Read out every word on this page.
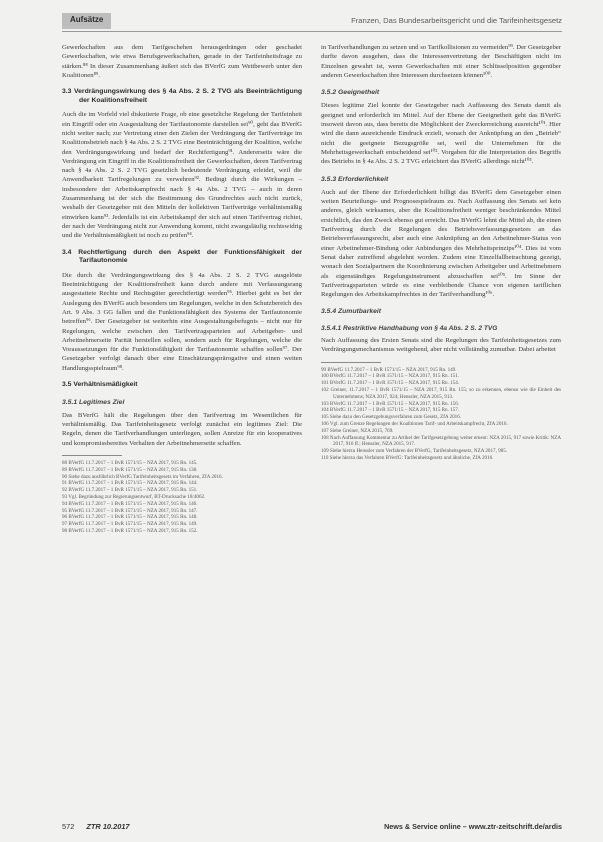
Aufsätze	Franzen, Das Bundesarbeitsgericht und die Tarifeinheitsgesetz

Gewerkschaften aus dem Tarifgeschehen herausgedrängen oder geschadet Gewerkschaften, wie etwa Berufsgewerkschaften, gerade in der Tarifeinheitsfrage zu stärken.⁸⁸ In dieser Zusammenhang äußert sich das BVerfG zum Wettbewerb unter den Koalitionen⁸⁹.

3.3 Verdrängungswirkung des § 4a Abs. 2 S. 2 TVG als Beeinträchtigung der Koalitionsfreiheit

Auch die im Vorfeld viel diskutierte Frage, ob eine gesetzliche Regelung der Tarifeinheit ein Eingriff oder ein Ausgestaltung der Tarifautonomie darstellen sei⁹⁰, geht das BVerfG nicht weiter nach; zur Vertretung einer den Zielen der Verdrängung der Tarifverträge im Koalitionsbetrieb nach § 4a Abs. 2 S. 2 TVG eine Beeinträchtigung der Koalition, welche den Verdrängungswirkung und bedarf der Rechtfertigung⁹¹. Andererseits wäre die Verdrängung ein Eingriff in die Koalitionsfreiheit der Gewerkschaften, deren Tarifvertrag nach § 4a Abs. 2 S. 2 TVG gesetzlich bedeutende Verdrängung erleidet, weil die Anwendbarkeit Tarifregelungen zu verwehren⁹². Bedingt durch die Wirkungen – insbesondere der Arbeitskampfrecht nach § 4a Abs. 2 TVG – auch in deren Zusammenhang ist der sich die Bestimmung des Grundrechtes auch nicht zurück, weshalb der Gesetzgeber mit den Mitteln der kollektiven Tarifverträge verhältnismäßig einwirken kann⁹³. Jedenfalls ist ein Arbeitskampf der sich auf einen Tarifvertrag richtet, der nach der Verdrängung nicht zur Anwendung kommt, nicht zwangsläufig rechtswidrig und die Verhältnismäßigkeit ist noch zu prüfen⁹⁴.

3.4 Rechtfertigung durch den Aspekt der Funktionsfähigkeit der Tarifautonomie

Die durch die Verdrängungswirkung des § 4a Abs. 2 S. 2 TVG ausgelöste Beeinträchtigung der Koalitionsfreiheit kann durch andere mit Verfassungsrang ausgestattete Rechte und Rechtsgüter gerechtfertigt werden⁹⁵. Hierbei geht es bei der Auslegung des BVerfG auch besonders um Regelungen, welche in den Schutzbereich des Art. 9 Abs. 3 GG fallen und die Funktionsfähigkeit des Systems der Tarifautonomie betreffen⁹⁶. Der Gesetzgeber ist weiterhin eine Ausgestaltungsbefugnis – nicht nur für Regelungen, welche zwischen den Tarifvertragsparteien auf Arbeitgeber- und Arbeitnehmerseite Parität herstellen sollen, sondern auch für Regelungen, welche die Voraussetzungen für die Funktionsfähigkeit der Tarifautonomie schaffen sollen⁹⁷. Der Gesetzgeber verfolgt danach über eine Einschätzungsprärogative und einen weiten Handlungsspielraum⁹⁸.

3.5 Verhältnismäßigkeit
3.5.1 Legitimes Ziel

Das BVerfG hält die Regelungen über den Tarifvertrag im Wesentlichen für verhältnismäßig. Das Tarifeinheitsgesetz verfolgt zunächst ein legitimes Ziel: Die Regeln, denen die Tarifverhandlungen unterliegen, sollen Anreize für ein kooperatives und kompromissbereites Verhalten der Arbeitnehmerseite schaffen.

88 BVerfG 11.7.2017 – 1 BvR 1571/15 – NZA 2017, 915 Rn. 145.

89 BVerfG 11.7.2017 – 1 BvR 1571/15 – NZA 2017, 915 Rn. 138.

90 Siehe dazu ausführlich BVerfG Tarifeinheitsgesetz im Verfahren, ZfA 2016.

91 BVerfG 11.7.2017 – 1 BvR 1571/15 – NZA 2017, 915 Rn. 144.

92 BVerfG 11.7.2017 – 1 BvR 1571/15 – NZA 2017, 915 Rn. 151.

93 Vgl. Begründung zur Regierungsentwurf, BT-Drucksache 18/4062.

94 BVerfG 11.7.2017 – 1 BvR 1571/15 – NZA 2017, 915 Rn. 146.

95 BVerfG 11.7.2017 – 1 BvR 1571/15 – NZA 2017, 915 Rn. 147.

96 BVerfG 11.7.2017 – 1 BvR 1571/15 – NZA 2017, 915 Rn. 148.

97 BVerfG 11.7.2017 – 1 BvR 1571/15 – NZA 2017, 915 Rn. 149.

98 BVerfG 11.7.2017 – 1 BvR 1571/15 – NZA 2017, 915 Rn. 152.

in Tarifverhandlungen zu setzen und so Tarifkollisionen zu vermeiden⁹⁹. Der Gesetzgeber durfte davon ausgehen, dass die Interessenvertretung der Beschäftigten nicht im Einzelnen gewahrt ist, wenn Gewerkschaften mit einer Schlüsselposition gegenüber anderen Gewerkschaften ihre Interessen durchsetzen können¹⁰⁰.

3.5.2 Geeignetheit

Dieses legitime Ziel konnte der Gesetzgeber nach Auffassung des Senats damit als geeignet und erforderlich im Mittel. Auf der Ebene der Geeignetheit geht das BVerfG insoweit davon aus, dass bereits die Möglichkeit der Zweckerreichung ausreicht¹⁰¹. Hier wird die dann ausreichende Eindruck erzielt, wonach der Anknüpfung an den „Betrieb“ nicht die geeignete Bezugsgröße sei, weil die Unternehmen für die Mehrheitsgewerkschaft entscheidend sei¹⁰². Vorgaben für die Interpretation des Begriffs des Betriebs in § 4a Abs. 2 S. 2 TVG erleichtert das BVerfG allerdings nicht¹⁰³.

3.5.3 Erforderlichkeit

Auch auf der Ebene der Erforderlichkeit billigt das BVerfG dem Gesetzgeber einen weiten Beurteilungs- und Prognosespielraum zu. Nach Auffassung des Senats sei kein anderes, gleich wirksames, aber die Koalitionsfreiheit weniger beschränkendes Mittel ersichtlich, das den Zweck ebenso gut erreicht. Das BVerfG lehnt die Mittel ab, die einen Tarifvertrag durch die Regelungen des Betriebsverfassungsgesetzes an das Betriebsverfassungsrecht, aber auch eine Anknüpfung an den Arbeitnehmer-Status von einer Arbeitnehmer-Bindung oder Anbindungen des Mehrheitsprinzips¹⁰⁴. Dies ist vom Senat daher zutreffend abgelehnt worden. Zudem eine Einzelfallbetrachtung gezeigt, wonach den Sozialpartnern die Koordinierung zwischen Arbeitgeber und Arbeitnehmern als eigenständiges Regelungsinstrument abzuschaffen sei¹⁰⁵. Im Sinne der Tarifvertragsparteien würde es eine verbleibende Chance von eigenen tariflichen Regelungen des Arbeitskampfrechtes in der Tarifverhandlung¹⁰⁶.

3.5.4 Zumutbarkeit
3.5.4.1 Restriktive Handhabung von § 4a Abs. 2 S. 2 TVG

Nach Auffassung des Ersten Senats sind die Regelungen des Tarifeinheitsgesetzes zum Verdrängungsmechanismus weitgehend, aber nicht vollständig zumutbar. Dabei arbeitet

99 BVerfG 11.7.2017 – 1 BvR 1571/15 – NZA 2017, 915 Rn. 149.

100 BVerfG 11.7.2017 – 1 BvR 1571/15 – NZA 2017, 915 Rn. 151.

101 BVerfG 11.7.2017 – 1 BvR 1571/15 – NZA 2017, 915 Rn. 154.

102 Greiner, 11.7.2017 – 1 BvR 1571/15 – NZA 2017, 915 Rn. 155; so zu erkennen, ebenso wie die Einheit des Unternehmens; NZA 2017, 924; Henssler, NZA 2015, 913.

103 BVerfG 11.7.2017 – 1 BvR 1571/15 – NZA 2017, 915 Rn. 156.

104 BVerfG 11.7.2017 – 1 BvR 1571/15 – NZA 2017, 915 Rn. 157.

105 Siehe dazu den Gesetzgebungsverfahren zum Gesetz, ZfA 2016.

106 Vgl. zum Grenze Regelungen der Koalitionen Tarif- und Arbeitskampfrecht, ZfA 2016.

107 Siehe Greiner, NZA 2015, 769.

108 Nach Auffassung Kommentar zu Artikel der Tarifgesetzgebung weiter erneut: NZA 2015, 917 sowie Kritik: NZA 2017, 916 ff.; Henssler, NZA 2015, 917.

109 Siehe hierzu Henssler zum Verfahren der BVerfG, Tarifeinheitsgesetz, NZA 2017, 985.

110 Siehe hierzu das Verfahren BVerfG: Tarifeinheitsgesetz und ähnliche, ZfA 2016.

572 ZTR 10.2017	News & Service online – www.ztr-zeitschrift.de/ardis
